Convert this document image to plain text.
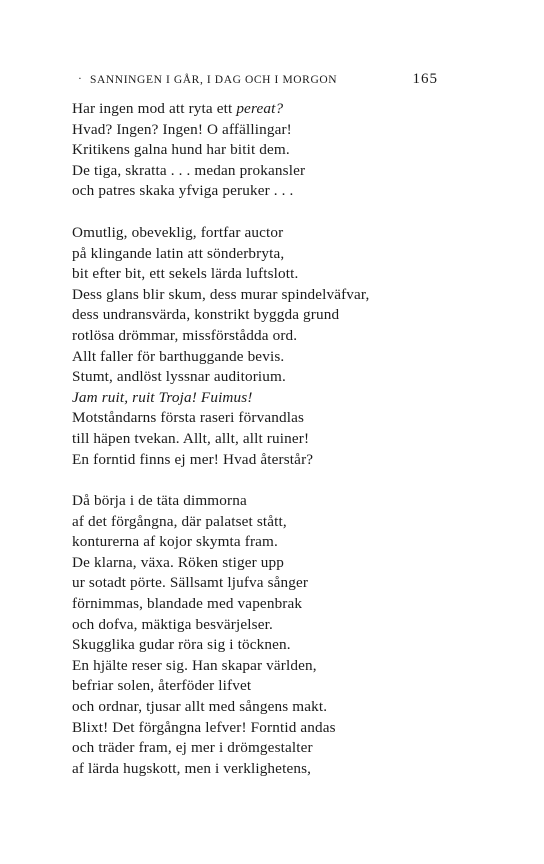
· SANNINGEN I GÅR, I DAG OCH I MORGON	165
Har ingen mod att ryta ett pereat?
Hvad? Ingen? Ingen! O affällingar!
Kritikens galna hund har bitit dem.
De tiga, skratta . . . medan prokansler
och patres skaka yfviga peruker . . .
Omutlig, obeveklig, fortfar auctor
på klingande latin att sönderbryta,
bit efter bit, ett sekels lärda luftslott.
Dess glans blir skum, dess murar spindelväfvar,
dess undransvärda, konstrikt byggda grund
rotlösa drömmar, missförstådda ord.
Allt faller för barthuggande bevis.
Stumt, andlöst lyssnar auditorium.
Jam ruit, ruit Troja! Fuimus!
Motståndarns första raseri förvandlas
till häpen tvekan. Allt, allt, allt ruiner!
En forntid finns ej mer! Hvad återstår?
Då börja i de täta dimmorna
af det förgångna, där palatset stått,
konturerna af kojor skymta fram.
De klarna, växa. Röken stiger upp
ur sotadt pörte. Sällsamt ljufva sånger
förnimmas, blandade med vapenbrak
och dofva, mäktiga besvärjelser.
Skugglika gudar röra sig i töcknen.
En hjälte reser sig. Han skapar världen,
befriar solen, återföder lifvet
och ordnar, tjusar allt med sångens makt.
Blixt! Det förgångna lefver! Forntid andas
och träder fram, ej mer i drömgestalter
af lärda hugskott, men i verklighetens,
